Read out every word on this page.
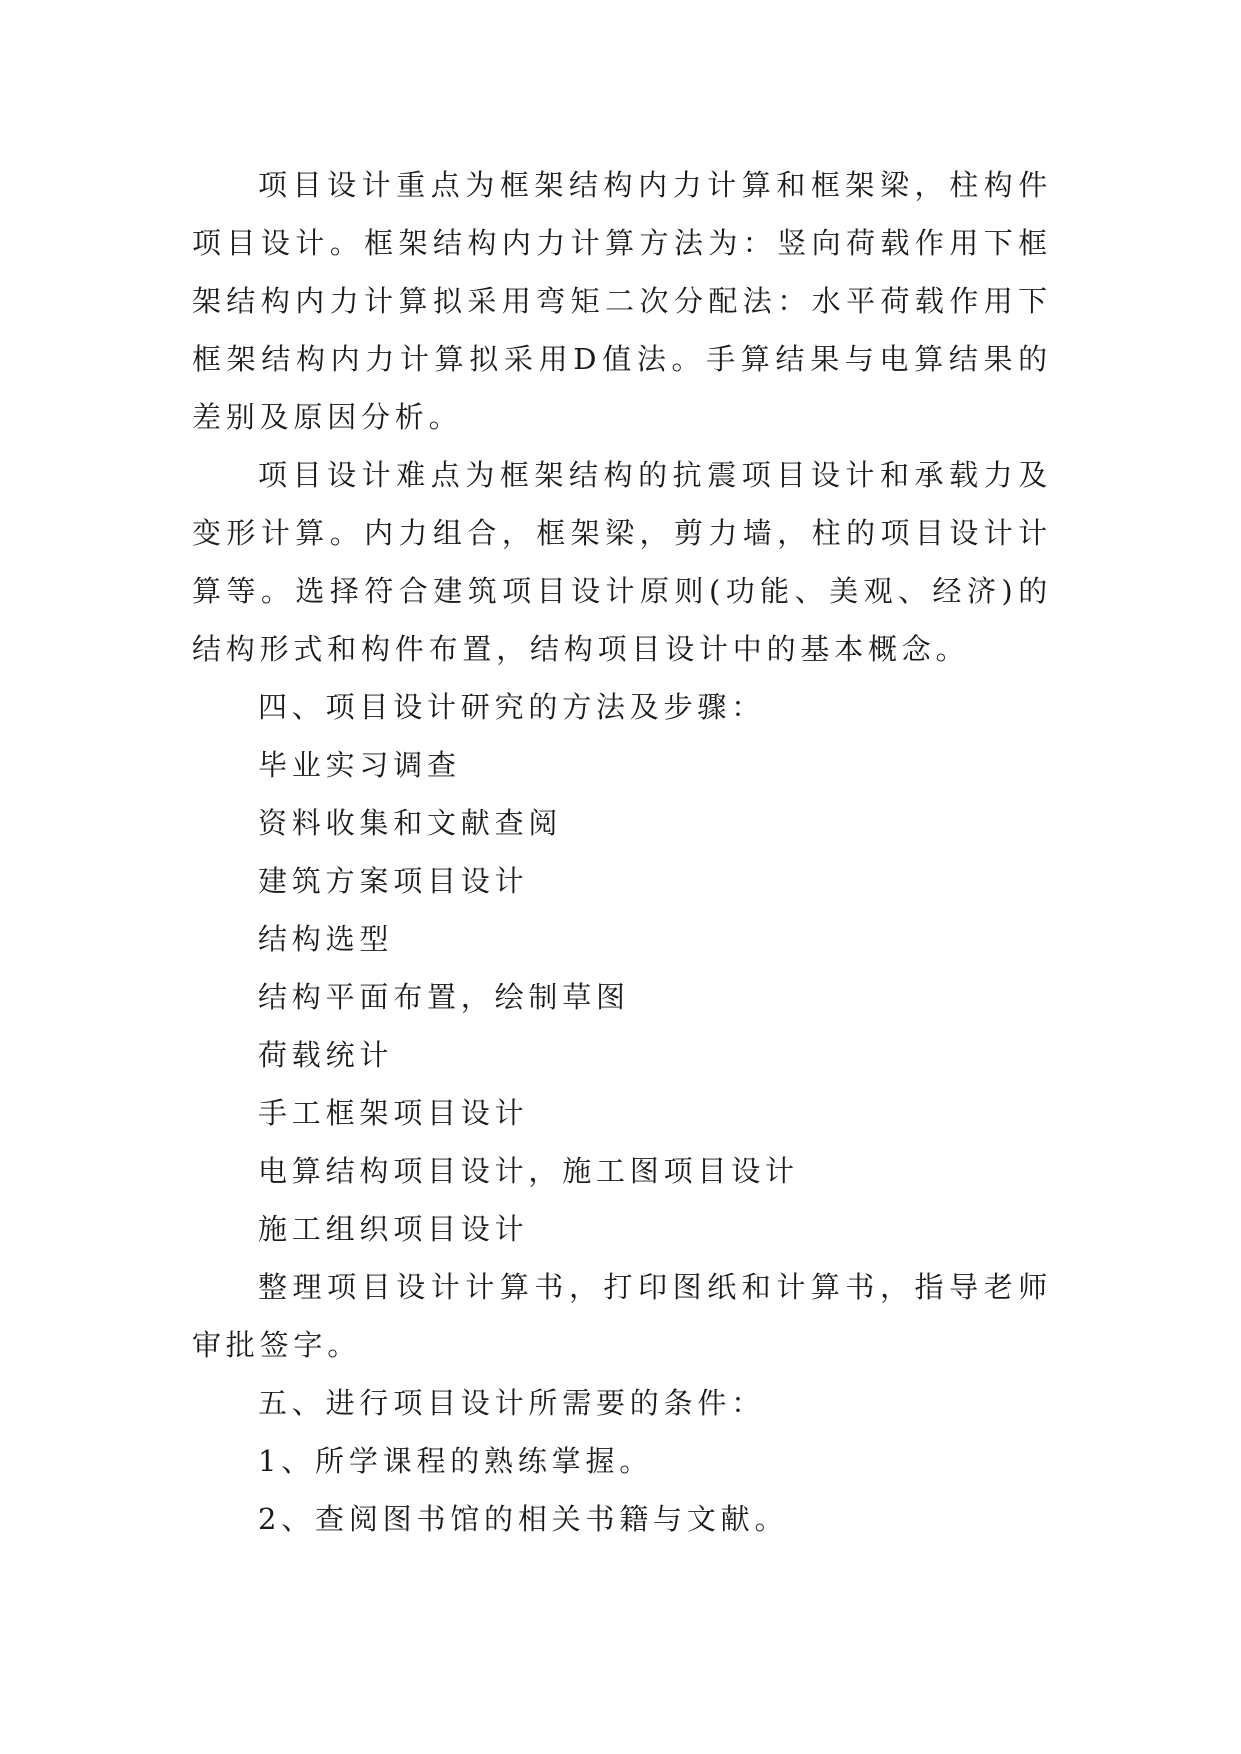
项目设计重点为框架结构内力计算和框架梁，柱构件项目设计。框架结构内力计算方法为：竖向荷载作用下框架结构内力计算拟采用弯矩二次分配法：水平荷载作用下框架结构内力计算拟采用D值法。手算结果与电算结果的差别及原因分析。

项目设计难点为框架结构的抗震项目设计和承载力及变形计算。内力组合，框架梁，剪力墙，柱的项目设计计算等。选择符合建筑项目设计原则(功能、美观、经济)的结构形式和构件布置，结构项目设计中的基本概念。

四、项目设计研究的方法及步骤：

毕业实习调查

资料收集和文献查阅

建筑方案项目设计

结构选型

结构平面布置，绘制草图

荷载统计

手工框架项目设计

电算结构项目设计，施工图项目设计

施工组织项目设计

整理项目设计计算书，打印图纸和计算书，指导老师审批签字。

五、进行项目设计所需要的条件：

1、所学课程的熟练掌握。

2、查阅图书馆的相关书籍与文献。
